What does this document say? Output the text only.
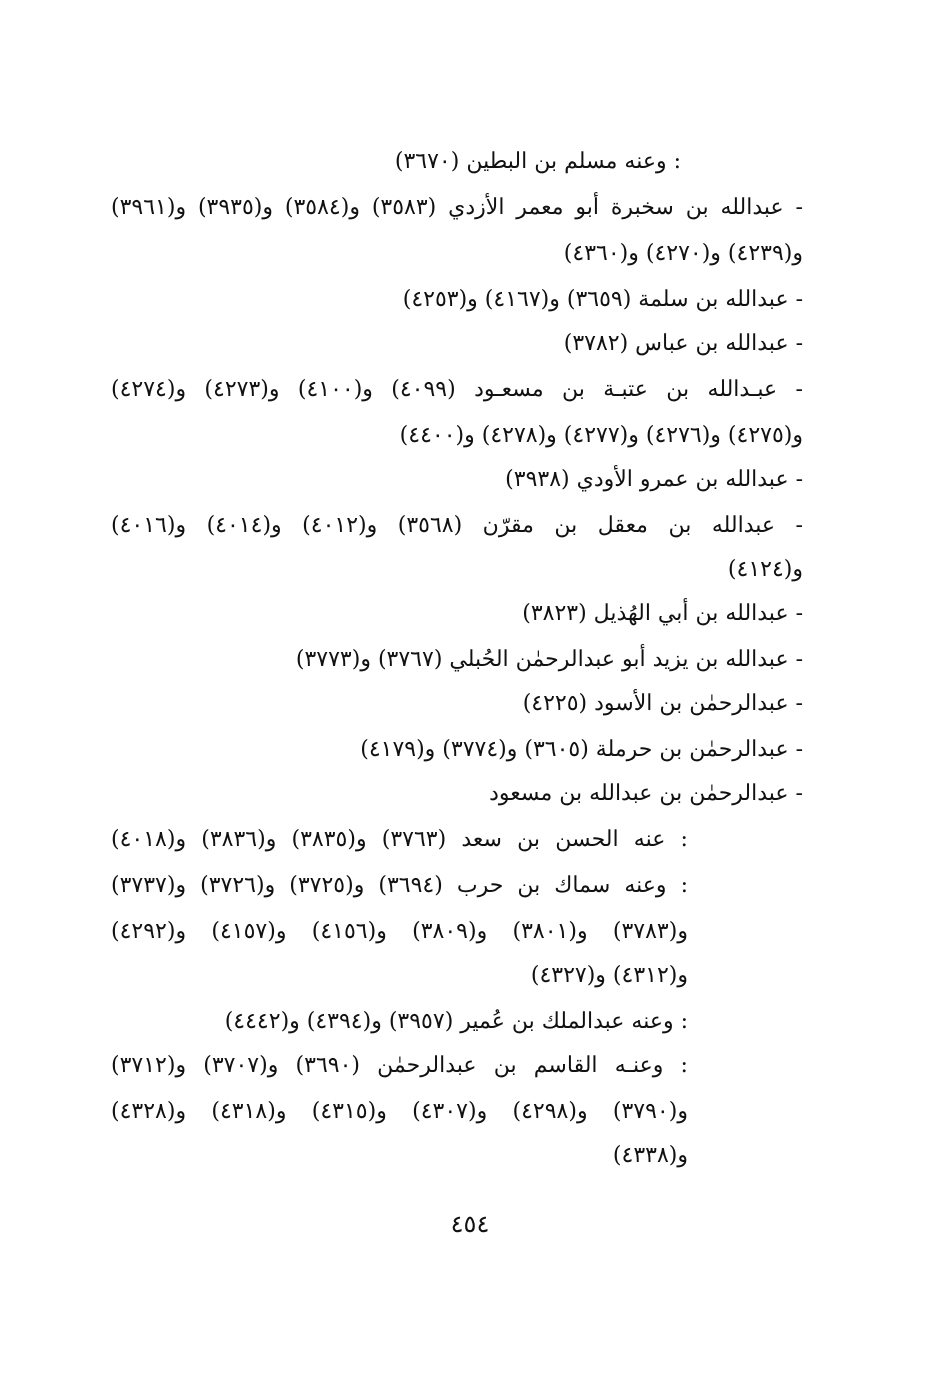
: وعنه مسلم بن البطين (٣٦٧٠)
- عبدالله بن سخبرة أبو معمر الأزدي (٣٥٨٣) و(٣٥٨٤) و(٣٩٣٥) و(٣٩٦١)
و(٤٢٣٩) و(٤٢٧٠) و(٤٣٦٠)
- عبدالله بن سلمة (٣٦٥٩) و(٤١٦٧) و(٤٢٥٣)
- عبدالله بن عباس (٣٧٨٢)
- عبـدالله بن عتبـة بن مسعـود (٤٠٩٩) و(٤١٠٠) و(٤٢٧٣) و(٤٢٧٤)
و(٤٢٧٥) و(٤٢٧٦) و(٤٢٧٧) و(٤٢٧٨) و(٤٤٠٠)
- عبدالله بن عمرو الأودي (٣٩٣٨)
- عبدالله بن معقل بن مقرّن (٣٥٦٨) و(٤٠١٢) و(٤٠١٤) و(٤٠١٦)
و(٤١٢٤)
- عبدالله بن أبي الهُذيل (٣٨٢٣)
- عبدالله بن يزيد أبو عبدالرحمٰن الحُبلي (٣٧٦٧) و(٣٧٧٣)
- عبدالرحمٰن بن الأسود (٤٢٢٥)
- عبدالرحمٰن بن حرملة (٣٦٠٥) و(٣٧٧٤) و(٤١٧٩)
- عبدالرحمٰن بن عبدالله بن مسعود
: عنه الحسن بن سعد (٣٧٦٣) و(٣٨٣٥) و(٣٨٣٦) و(٤٠١٨)
: وعنه سماك بن حرب (٣٦٩٤) و(٣٧٢٥) و(٣٧٢٦) و(٣٧٣٧)
و(٣٧٨٣) و(٣٨٠١) و(٣٨٠٩) و(٤١٥٦) و(٤١٥٧) و(٤٢٩٢)
و(٤٣١٢) و(٤٣٢٧)
: وعنه عبدالملك بن عُمير (٣٩٥٧) و(٤٣٩٤) و(٤٤٤٢)
: وعنـه القاسم بن عبدالرحمٰن (٣٦٩٠) و(٣٧٠٧) و(٣٧١٢)
و(٣٧٩٠) و(٤٢٩٨) و(٤٣٠٧) و(٤٣١٥) و(٤٣١٨) و(٤٣٢٨)
و(٤٣٣٨)
٤٥٤
